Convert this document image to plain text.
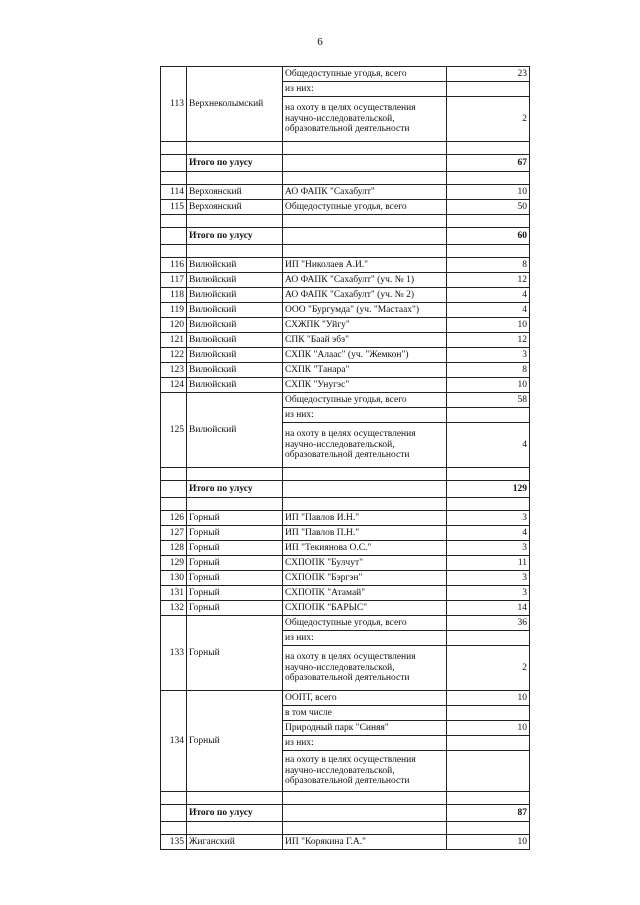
6
113	Верхнеколымский	Общедоступные угодья, всего	23
		из них:	
		на охоту в целях осуществления научно-исследовательской, образовательной деятельности	2

	Итого по улусу		67

114	Верхоянский	АО ФАПК "Сахабулт"	10
115	Верхоянский	Общедоступные угодья, всего	50

	Итого по улусу		60

116	Вилюйский	ИП "Николаев А.И."	8
117	Вилюйский	АО ФАПК "Сахабулт" (уч. № 1)	12
118	Вилюйский	АО ФАПК "Сахабулт" (уч. № 2)	4
119	Вилюйский	ООО "Бургумда" (уч. "Мастаах")	4
120	Вилюйский	СХЖПК "Уйгу"	10
121	Вилюйский	СПК "Баай эбэ"	12
122	Вилюйский	СХПК "Алаас" (уч. "Жемкон")	3
123	Вилюйский	СХПК "Танара"	8
124	Вилюйский	СХПК "Унугэс"	10
125	Вилюйский	Общедоступные угодья, всего	58
		из них:	
		на охоту в целях осуществления научно-исследовательской, образовательной деятельности	4

	Итого по улусу		129

126	Горный	ИП "Павлов И.Н."	3
127	Горный	ИП "Павлов П.Н."	4
128	Горный	ИП "Текиянова О.С."	3
129	Горный	СХПОПК "Булчут"	11
130	Горный	СХПОПК "Бэргэн"	3
131	Горный	СХПОПК "Атамай"	3
132	Горный	СХПОПК "БАРЫС"	14
133	Горный	Общедоступные угодья, всего	36
		из них:	
		на охоту в целях осуществления научно-исследовательской, образовательной деятельности	2
134	Горный	ООПТ, всего	10
		в том числе	
		Природный парк "Синяя"	10
		из них:	
		на охоту в целях осуществления научно-исследовательской, образовательной деятельности	

	Итого по улусу		87

135	Жиганский	ИП "Корякина Г.А."	10
